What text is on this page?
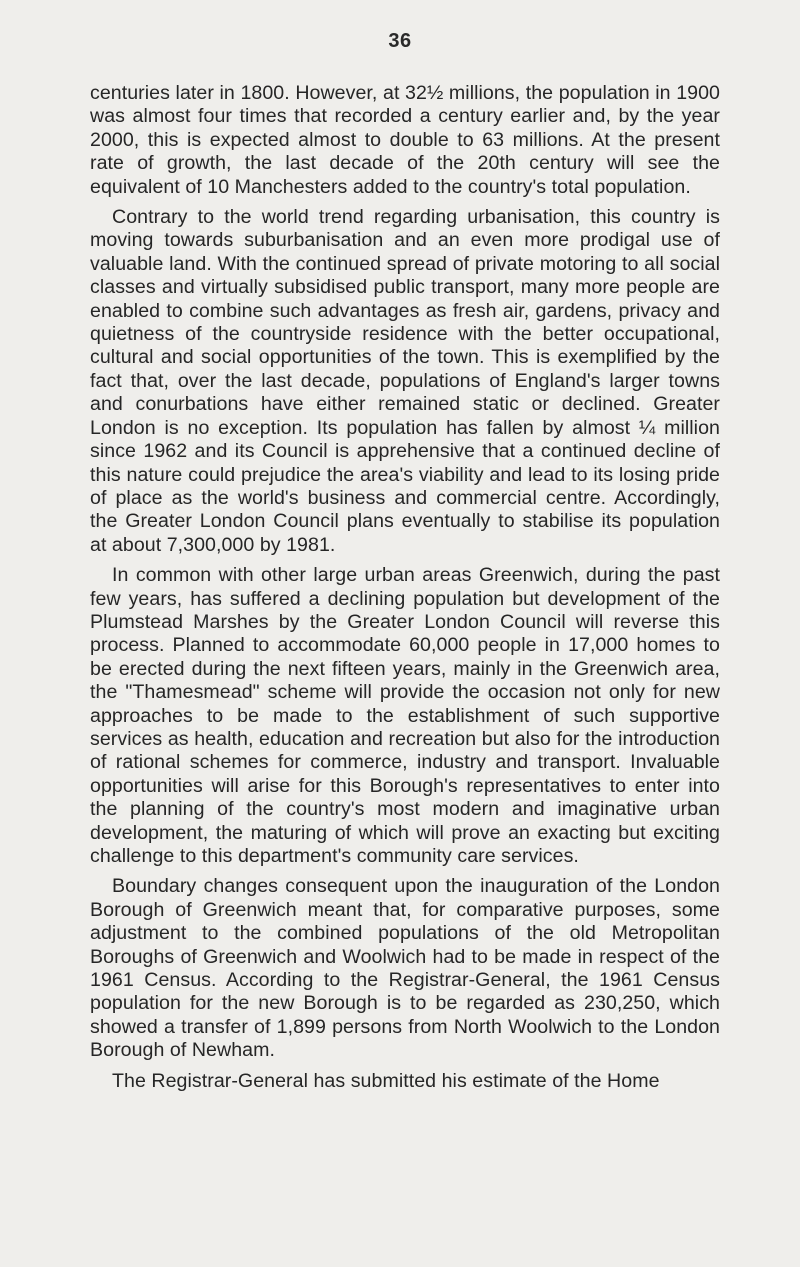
36

centuries later in 1800. However, at 32½ millions, the population in 1900 was almost four times that recorded a century earlier and, by the year 2000, this is expected almost to double to 63 millions. At the present rate of growth, the last decade of the 20th century will see the equivalent of 10 Manchesters added to the country's total population.

Contrary to the world trend regarding urbanisation, this country is moving towards suburbanisation and an even more prodigal use of valuable land. With the continued spread of private motoring to all social classes and virtually subsidised public transport, many more people are enabled to combine such advantages as fresh air, gardens, privacy and quietness of the countryside residence with the better occupational, cultural and social opportunities of the town. This is exemplified by the fact that, over the last decade, populations of England's larger towns and conurbations have either remained static or declined. Greater London is no exception. Its population has fallen by almost ¼ million since 1962 and its Council is apprehensive that a continued decline of this nature could prejudice the area's viability and lead to its losing pride of place as the world's business and commercial centre. Accordingly, the Greater London Council plans eventually to stabilise its population at about 7,300,000 by 1981.

In common with other large urban areas Greenwich, during the past few years, has suffered a declining population but development of the Plumstead Marshes by the Greater London Council will reverse this process. Planned to accommodate 60,000 people in 17,000 homes to be erected during the next fifteen years, mainly in the Greenwich area, the "Thamesmead" scheme will provide the occasion not only for new approaches to be made to the establishment of such supportive services as health, education and recreation but also for the introduction of rational schemes for commerce, industry and transport. Invaluable opportunities will arise for this Borough's representatives to enter into the planning of the country's most modern and imaginative urban development, the maturing of which will prove an exacting but exciting challenge to this department's community care services.

Boundary changes consequent upon the inauguration of the London Borough of Greenwich meant that, for comparative purposes, some adjustment to the combined populations of the old Metropolitan Boroughs of Greenwich and Woolwich had to be made in respect of the 1961 Census. According to the Registrar-General, the 1961 Census population for the new Borough is to be regarded as 230,250, which showed a transfer of 1,899 persons from North Woolwich to the London Borough of Newham.

The Registrar-General has submitted his estimate of the Home
